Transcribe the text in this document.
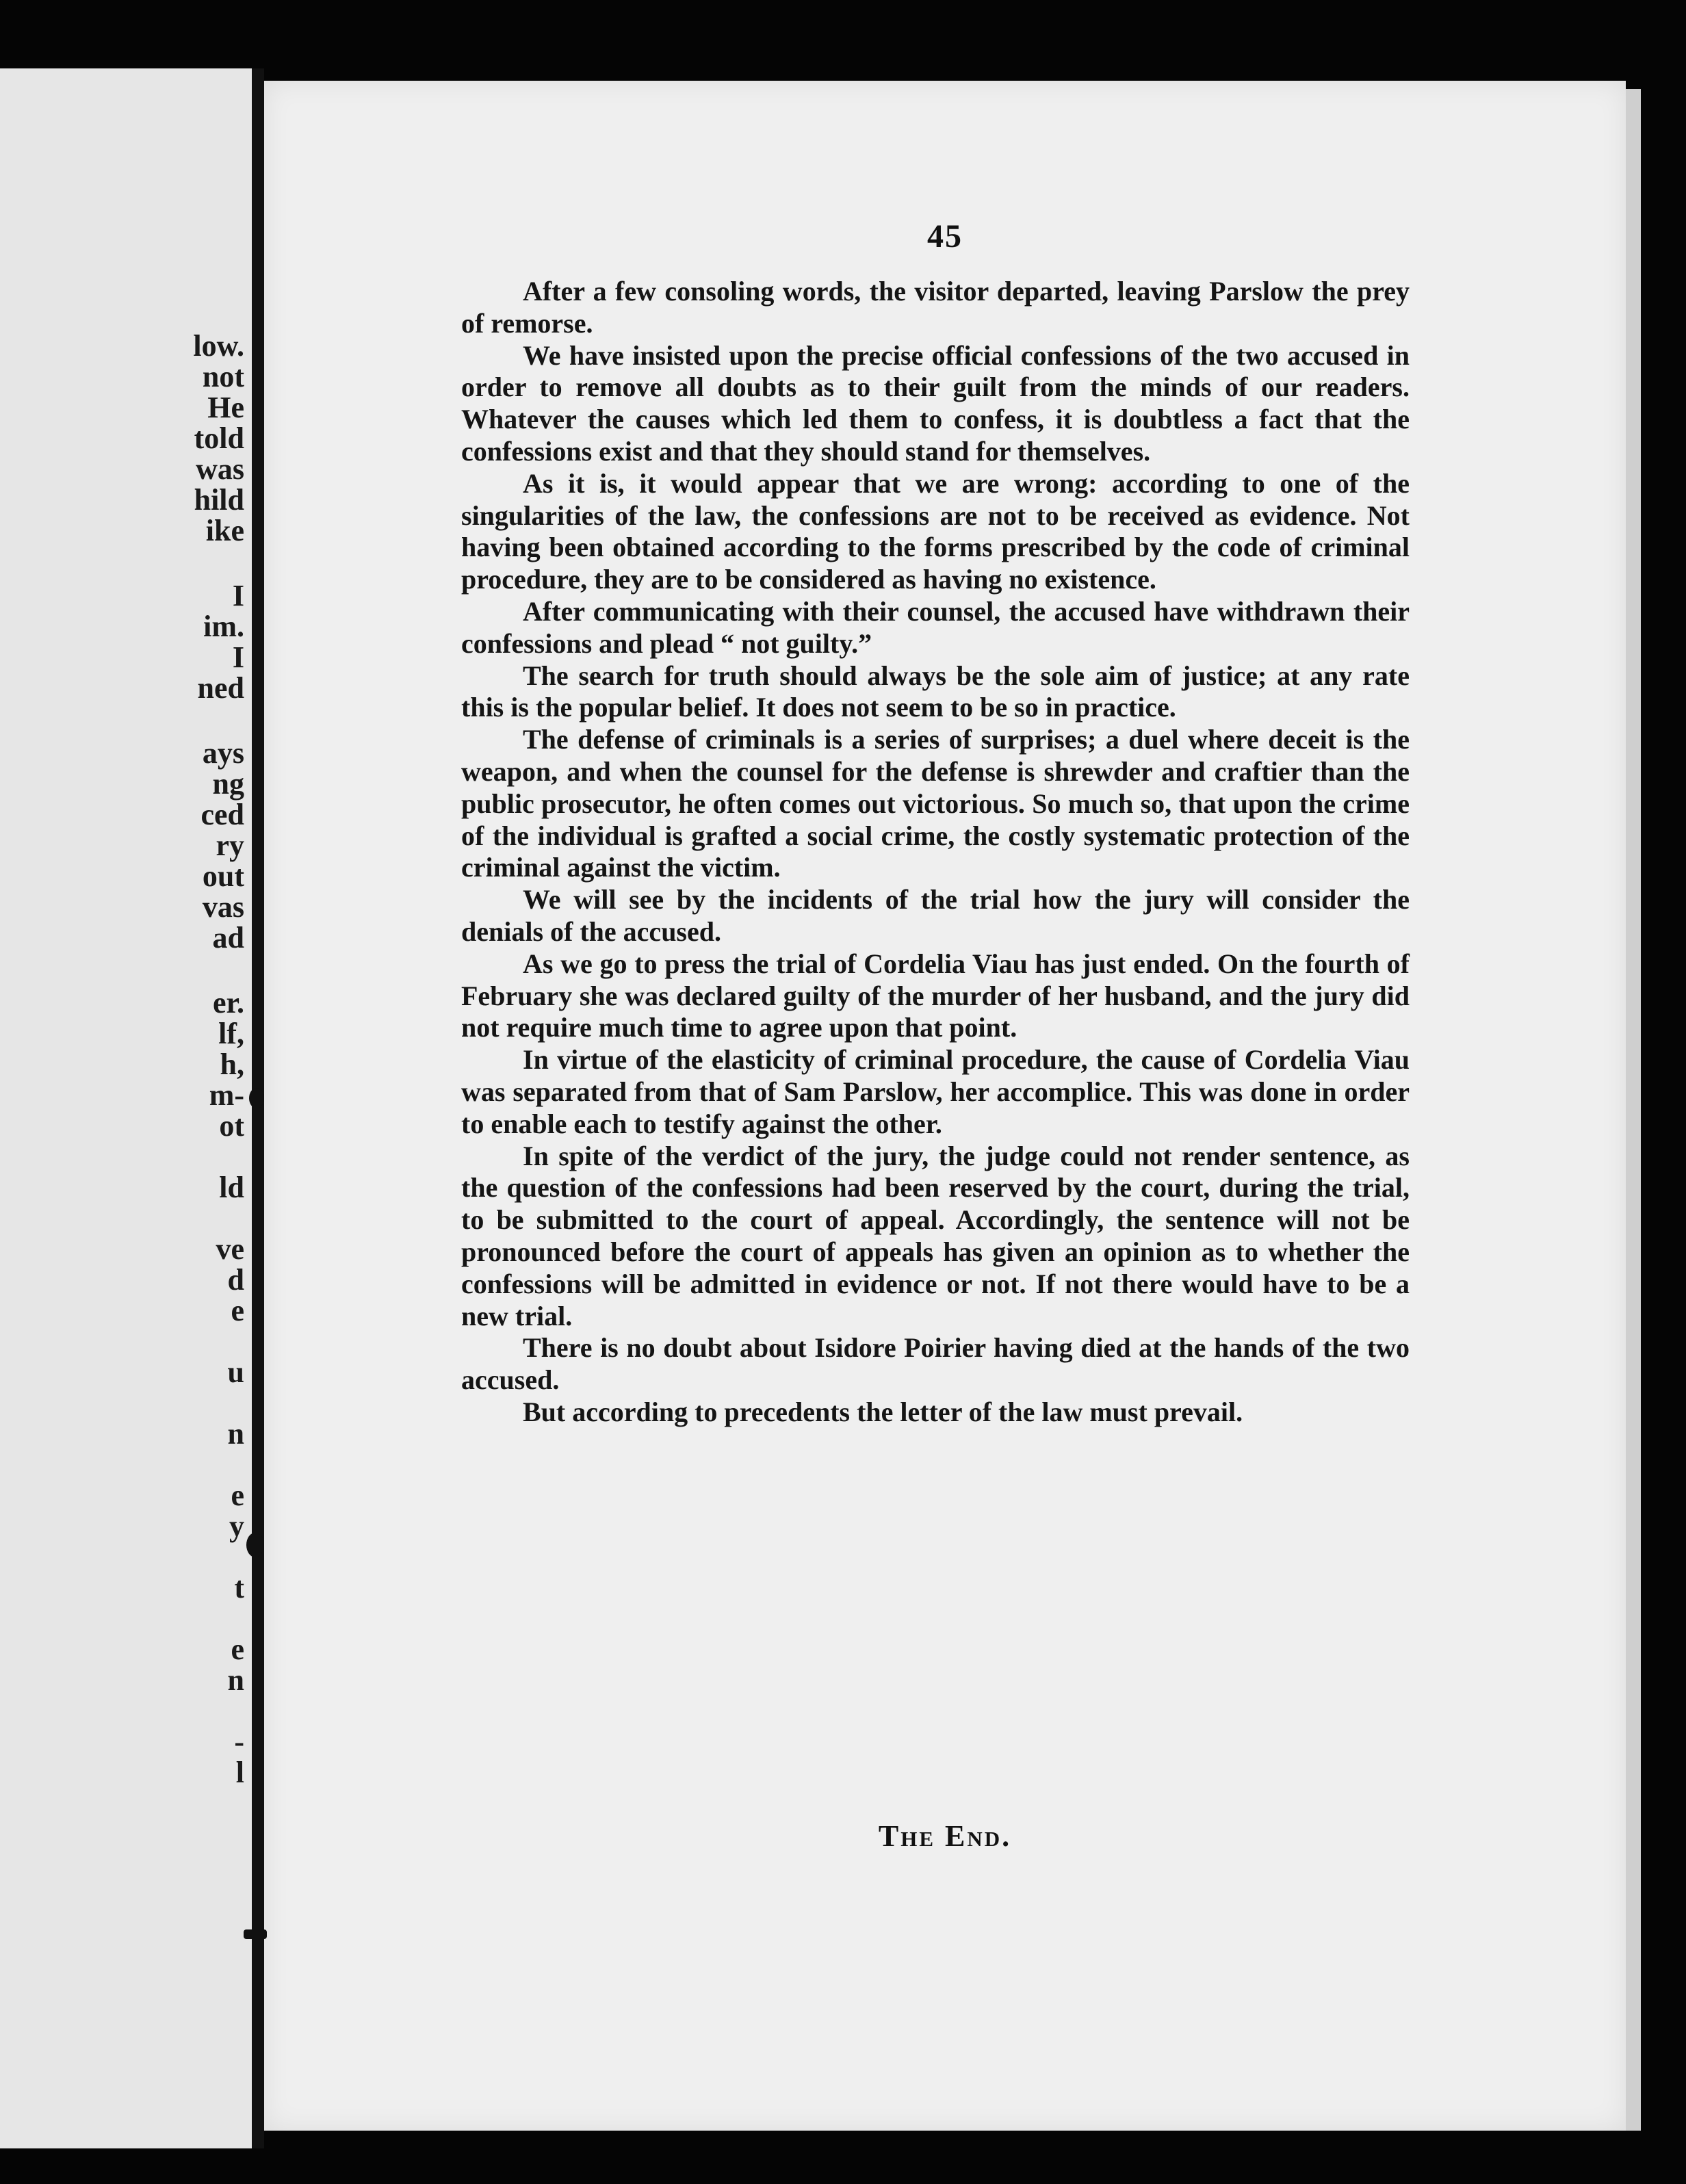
low.
not
He
told
was
hild
ike
I
im.
I
ned
ays
ng
ced
ry
out
vas
ad
er.
lf,
h,
m-
ot
ld
ve
d
e
u
n
e
y
t
e
n
-
l
45

After a few consoling words, the visitor departed, leaving Parslow the prey of remorse.

We have insisted upon the precise official confessions of the two accused in order to remove all doubts as to their guilt from the minds of our readers. Whatever the causes which led them to confess, it is doubtless a fact that the confessions exist and that they should stand for themselves.

As it is, it would appear that we are wrong: according to one of the singularities of the law, the confessions are not to be received as evidence. Not having been obtained according to the forms prescribed by the code of criminal procedure, they are to be considered as having no existence.

After communicating with their counsel, the accused have withdrawn their confessions and plead “ not guilty.”

The search for truth should always be the sole aim of justice; at any rate this is the popular belief. It does not seem to be so in practice.

The defense of criminals is a series of surprises; a duel where deceit is the weapon, and when the counsel for the defense is shrewder and craftier than the public prosecutor, he often comes out victorious. So much so, that upon the crime of the individual is grafted a social crime, the costly systematic protection of the criminal against the victim.

We will see by the incidents of the trial how the jury will consider the denials of the accused.

As we go to press the trial of Cordelia Viau has just ended. On the fourth of February she was declared guilty of the murder of her husband, and the jury did not require much time to agree upon that point.

In virtue of the elasticity of criminal procedure, the cause of Cordelia Viau was separated from that of Sam Parslow, her accomplice. This was done in order to enable each to testify against the other.

In spite of the verdict of the jury, the judge could not render sentence, as the question of the confessions had been reserved by the court, during the trial, to be submitted to the court of appeal. Accordingly, the sentence will not be pronounced before the court of appeals has given an opinion as to whether the confessions will be admitted in evidence or not. If not there would have to be a new trial.

There is no doubt about Isidore Poirier having died at the hands of the two accused.

But according to precedents the letter of the law must prevail.

The End.
